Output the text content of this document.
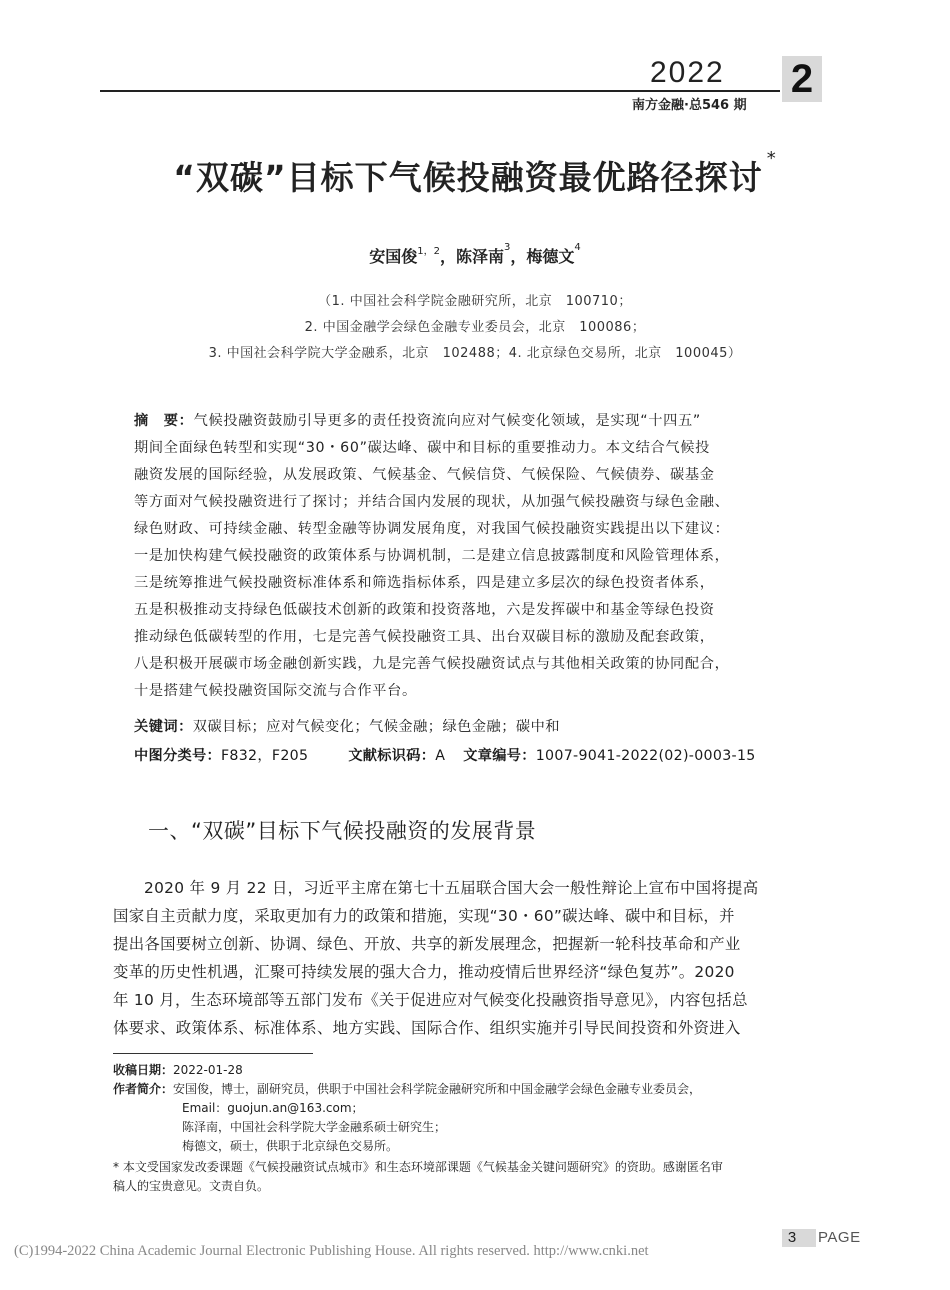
2022 2
南方金融·总546 期
“双碳”目标下气候投融资最优路径探讨 *
安国俊$^{1,2}$，陈泽南$^3$，梅德文$^4$
（1. 中国社会科学院金融研究所，北京　100710；
2. 中国金融学会绿色金融专业委员会，北京　100086；
3. 中国社会科学院大学金融系，北京　102488；4. 北京绿色交易所，北京　100045）
摘　要：气候投融资鼓励引导更多的责任投资流向应对气候变化领域，是实现“十四五”
期间全面绿色转型和实现“30・60”碳达峰、碳中和目标的重要推动力。本文结合气候投
融资发展的国际经验，从发展政策、气候基金、气候信贷、气候保险、气候债券、碳基金
等方面对气候投融资进行了探讨；并结合国内发展的现状，从加强气候投融资与绿色金融、
绿色财政、可持续金融、转型金融等协调发展角度，对我国气候投融资实践提出以下建议：
一是加快构建气候投融资的政策体系与协调机制，二是建立信息披露制度和风险管理体系，
三是统筹推进气候投融资标准体系和筛选指标体系，四是建立多层次的绿色投资者体系，
五是积极推动支持绿色低碳技术创新的政策和投资落地，六是发挥碳中和基金等绿色投资
推动绿色低碳转型的作用，七是完善气候投融资工具、出台双碳目标的激励及配套政策，
八是积极开展碳市场金融创新实践，九是完善气候投融资试点与其他相关政策的协同配合，
十是搭建气候投融资国际交流与合作平台。
关键词：双碳目标；应对气候变化；气候金融；绿色金融；碳中和
中图分类号：F832，F205	文献标识码：A 文章编号：1007-9041-2022(02)-0003-15
一、“双碳”目标下气候投融资的发展背景
2020 年 9 月 22 日，习近平主席在第七十五届联合国大会一般性辩论上宣布中国将提高
国家自主贡献力度，采取更加有力的政策和措施，实现“30・60”碳达峰、碳中和目标，并
提出各国要树立创新、协调、绿色、开放、共享的新发展理念，把握新一轮科技革命和产业
变革的历史性机遇，汇聚可持续发展的强大合力，推动疫情后世界经济“绿色复苏”。2020
年 10 月，生态环境部等五部门发布《关于促进应对气候变化投融资指导意见》，内容包括总
体要求、政策体系、标准体系、地方实践、国际合作、组织实施并引导民间投资和外资进入
收稿日期：2022-01-28
作者简介：安国俊，博士，副研究员，供职于中国社会科学院金融研究所和中国金融学会绿色金融专业委员会，
Email：guojun.an@163.com；
陈泽南，中国社会科学院大学金融系硕士研究生；
梅德文，硕士，供职于北京绿色交易所。
* 本文受国家发改委课题《气候投融资试点城市》和生态环境部课题《气候基金关键问题研究》的资助。感谢匿名审
稿人的宝贵意见。文责自负。
3	PAGE
(C)1994-2022 China Academic Journal Electronic Publishing House. All rights reserved. http://www.cnki.net
